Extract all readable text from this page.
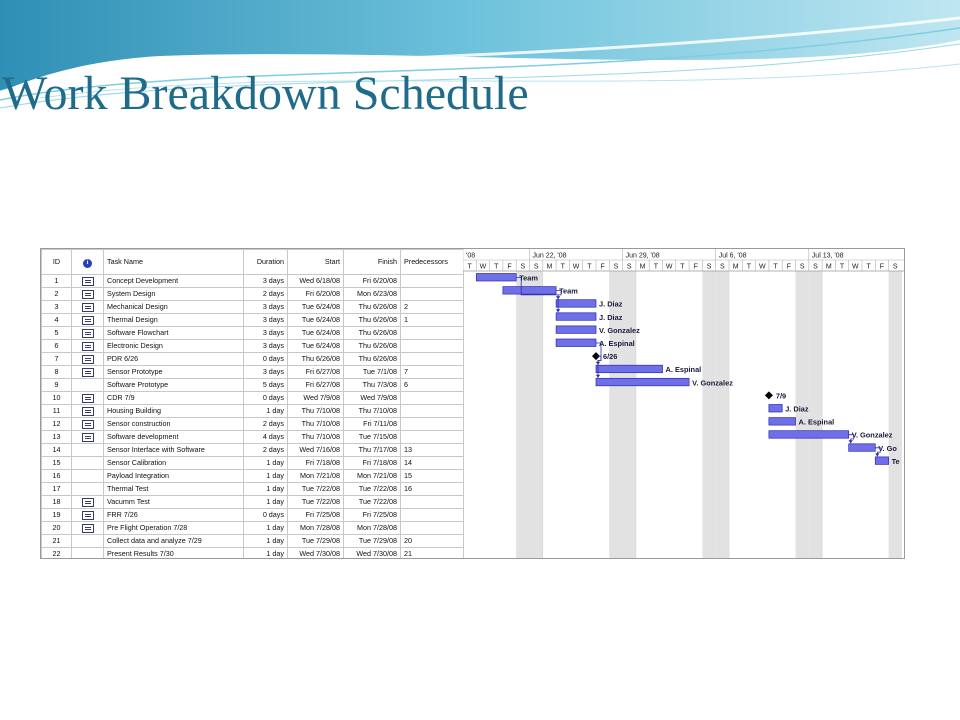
Work Breakdown Schedule
ID	i	Task Name	Duration	Start	Finish	Predecessors
1		Concept Development	3 days	Wed 6/18/08	Fri 6/20/08	
2		System Design	2 days	Fri 6/20/08	Mon 6/23/08	
3		Mechanical Design	3 days	Tue 6/24/08	Thu 6/26/08	2
4		Thermal Design	3 days	Tue 6/24/08	Thu 6/26/08	1
5		Software Flowchart	3 days	Tue 6/24/08	Thu 6/26/08	
6		Electronic Design	3 days	Tue 6/24/08	Thu 6/26/08	
7		PDR 6/26	0 days	Thu 6/26/08	Thu 6/26/08	
8		Sensor Prototype	3 days	Fri 6/27/08	Tue 7/1/08	7
9		Software Prototype	5 days	Fri 6/27/08	Thu 7/3/08	6
10		CDR 7/9	0 days	Wed 7/9/08	Wed 7/9/08	
11		Housing Building	1 day	Thu 7/10/08	Thu 7/10/08	
12		Sensor construction	2 days	Thu 7/10/08	Fri 7/11/08	
13		Software development	4 days	Thu 7/10/08	Tue 7/15/08	
14		Sensor Interface with Software	2 days	Wed 7/16/08	Thu 7/17/08	13
15		Sensor Calibration	1 day	Fri 7/18/08	Fri 7/18/08	14
16		Payload Integration	1 day	Mon 7/21/08	Mon 7/21/08	15
17		Thermal Test	1 day	Tue 7/22/08	Tue 7/22/08	16
18		Vacumm Test	1 day	Tue 7/22/08	Tue 7/22/08	
19		FRR 7/26	0 days	Fri 7/25/08	Fri 7/25/08	
20		Pre Flight Operation 7/28	1 day	Mon 7/28/08	Mon 7/28/08	
21		Collect data and analyze 7/29	1 day	Tue 7/29/08	Tue 7/29/08	20
22		Present Results 7/30	1 day	Wed 7/30/08	Wed 7/30/08	21
T W T F S S M T W T F S S M T W T F S S M T W T F S S M T W T F S
'08	Jun 22, '08	Jun 29, '08	Jul 6, '08	Jul 13, '08
Team
Team
J. Diaz
J. Diaz
V. Gonzalez
A. Espinal
A. Espinal
V. Gonzalez
J. Diaz
A. Espinal
V. Gonzalez
V. Go
Te
6/26
7/9
